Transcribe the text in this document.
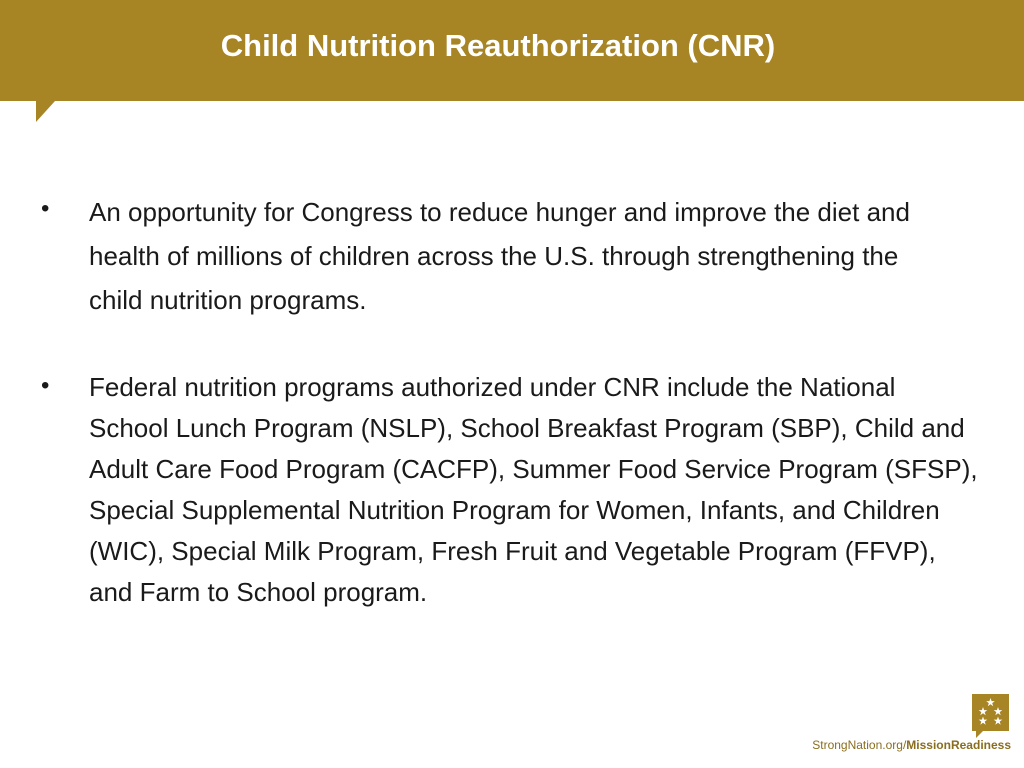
Child Nutrition Reauthorization (CNR)
• An opportunity for Congress to reduce hunger and improve the diet and health of millions of children across the U.S. through strengthening the child nutrition programs.

• Federal nutrition programs authorized under CNR include the National School Lunch Program (NSLP), School Breakfast Program (SBP), Child and Adult Care Food Program (CACFP), Summer Food Service Program (SFSP), Special Supplemental Nutrition Program for Women, Infants, and Children (WIC), Special Milk Program, Fresh Fruit and Vegetable Program (FFVP), and Farm to School program.

StrongNation.org/MissionReadiness
